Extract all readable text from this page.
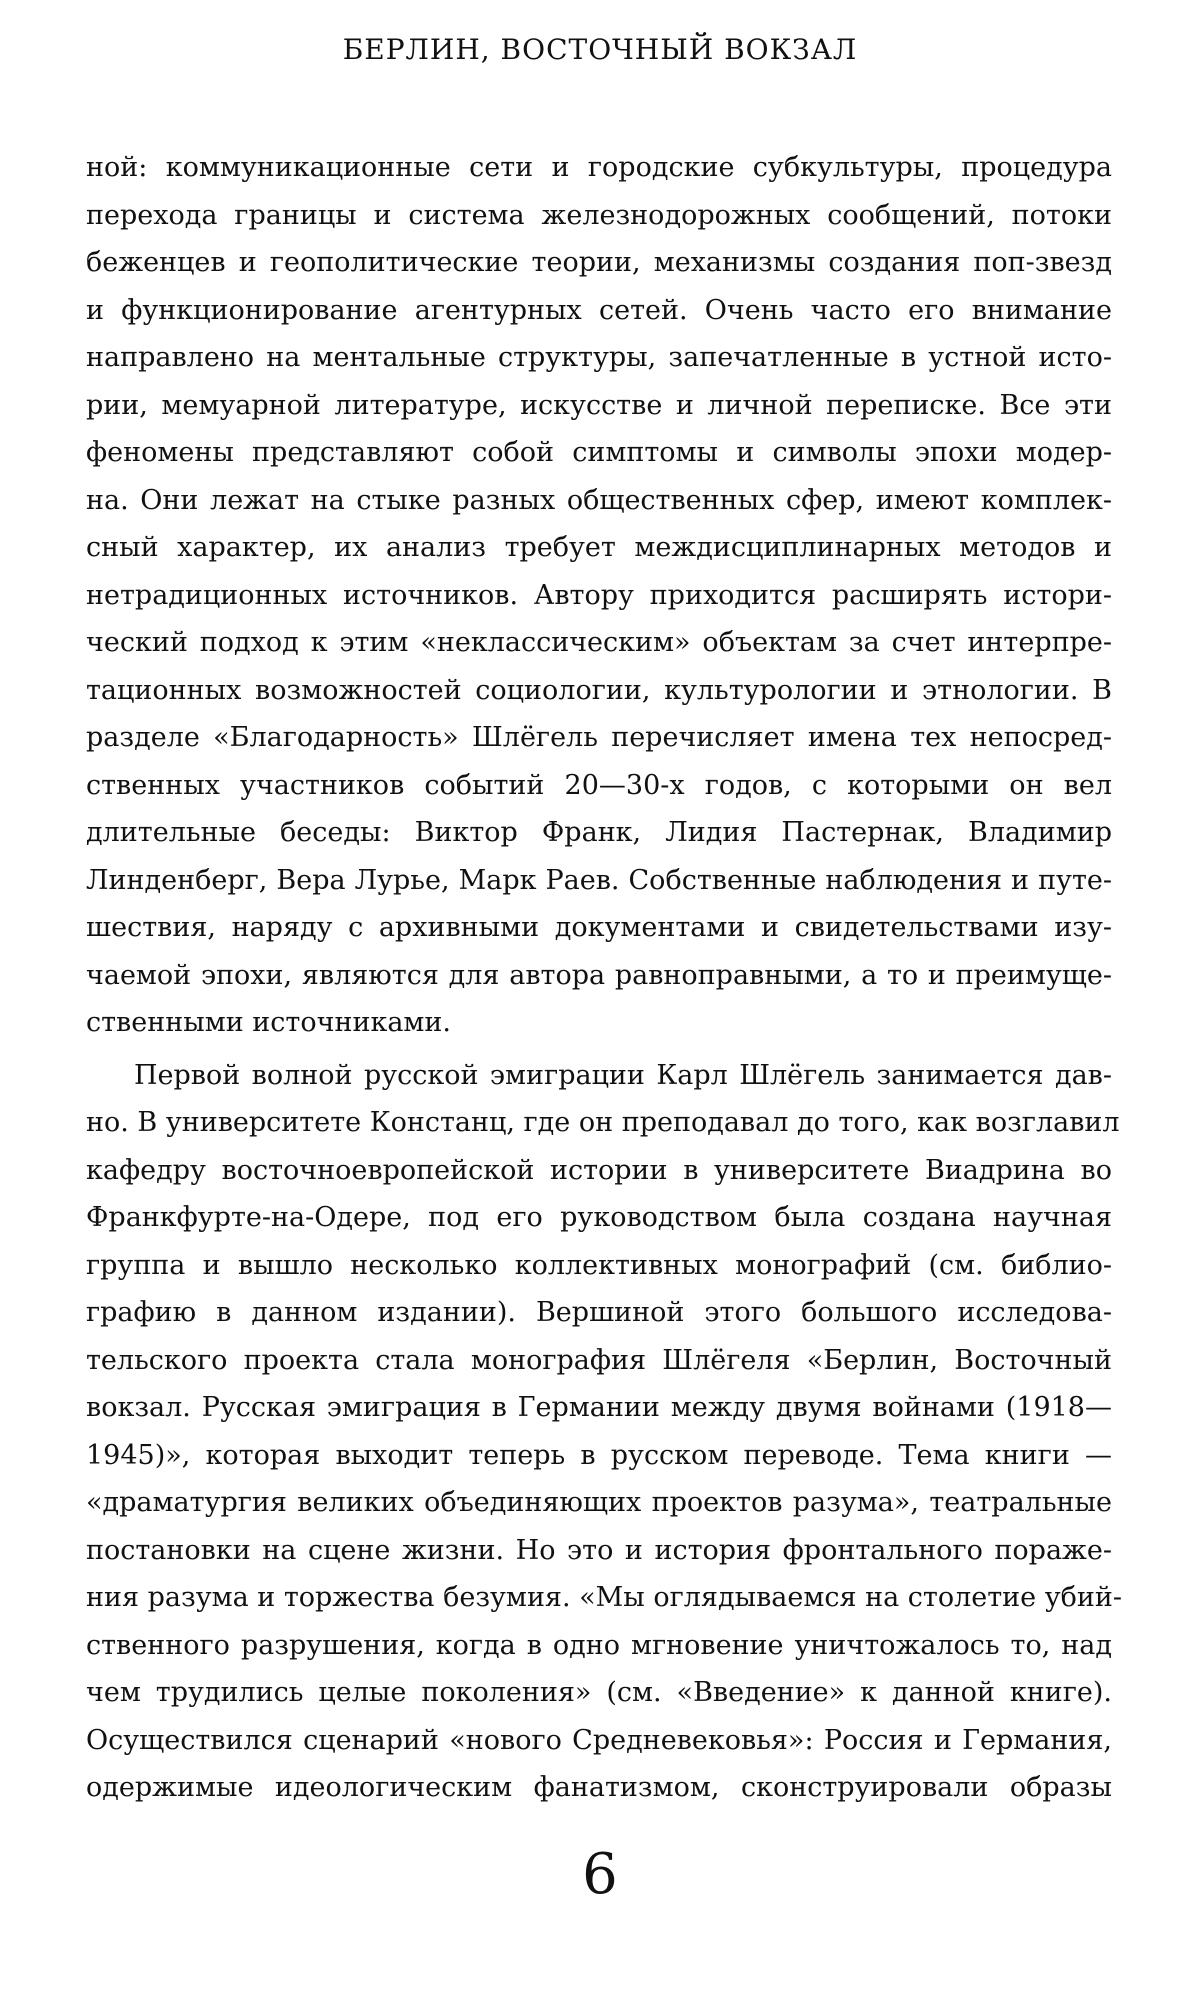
БЕРЛИН, ВОСТОЧНЫЙ ВОКЗАЛ
ной: коммуникационные сети и городские субкультуры, процедура
перехода границы и система железнодорожных сообщений, потоки
беженцев и геополитические теории, механизмы создания поп-звезд
и функционирование агентурных сетей. Очень часто его внимание
направлено на ментальные структуры, запечатленные в устной исто-
рии, мемуарной литературе, искусстве и личной переписке. Все эти
феномены представляют собой симптомы и символы эпохи модер-
на. Они лежат на стыке разных общественных сфер, имеют комплек-
сный характер, их анализ требует междисциплинарных методов и
нетрадиционных источников. Автору приходится расширять истори-
ческий подход к этим «неклассическим» объектам за счет интерпре-
тационных возможностей социологии, культурологии и этнологии. В
разделе «Благодарность» Шлёгель перечисляет имена тех непосред-
ственных участников событий 20—30-х годов, с которыми он вел
длительные беседы: Виктор Франк, Лидия Пастернак, Владимир
Линденберг, Вера Лурье, Марк Раев. Собственные наблюдения и путе-
шествия, наряду с архивными документами и свидетельствами изу-
чаемой эпохи, являются для автора равноправными, а то и преимуще-
ственными источниками.
Первой волной русской эмиграции Карл Шлёгель занимается дав-
но. В университете Констанц, где он преподавал до того, как возглавил
кафедру восточноевропейской истории в университете Виадрина во
Франкфурте-на-Одере, под его руководством была создана научная
группа и вышло несколько коллективных монографий (см. библио-
графию в данном издании). Вершиной этого большого исследова-
тельского проекта стала монография Шлёгеля «Берлин, Восточный
вокзал. Русская эмиграция в Германии между двумя войнами (1918—
1945)», которая выходит теперь в русском переводе. Тема книги —
«драматургия великих объединяющих проектов разума», театральные
постановки на сцене жизни. Но это и история фронтального пораже-
ния разума и торжества безумия. «Мы оглядываемся на столетие убий-
ственного разрушения, когда в одно мгновение уничтожалось то, над
чем трудились целые поколения» (см. «Введение» к данной книге).
Осуществился сценарий «нового Средневековья»: Россия и Германия,
одержимые идеологическим фанатизмом, сконструировали образы
6
